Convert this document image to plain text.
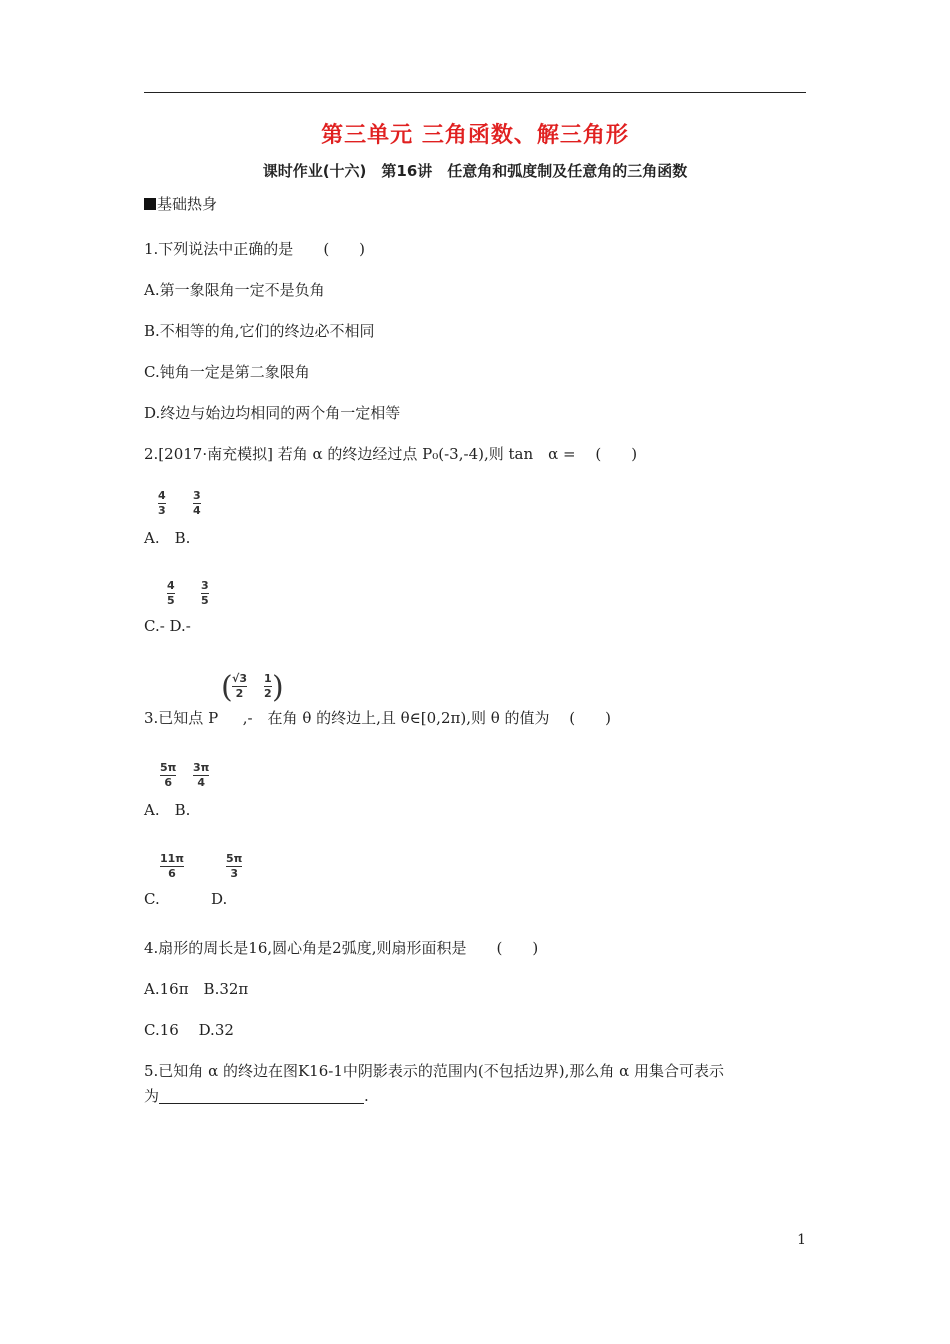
第三单元 三角函数、解三角形
课时作业(十六)　第16讲　任意角和弧度制及任意角的三角函数
基础热身
1.下列说法中正确的是　　(　　)
A.第一象限角一定不是负角
B.不相等的角,它们的终边必不相同
C.钝角一定是第二象限角
D.终边与始边均相同的两个角一定相等
2.[2017·南充模拟] 若角 α 的终边经过点 P₀(-3,-4),则 tan　α =　 (　　)
4
3
3
4
A.　B.
4
5
3
5
C.- D.-
( √3
2
1
2 )
3.已知点 P 　 ,-　在角 θ 的终边上,且 θ∈[0,2π),则 θ 的值为　 (　　)
5π
6
3π
4
A.　B.
11π
6
5π
3
C.	D.
4.扇形的周长是16,圆心角是2弧度,则扇形面积是　　(　　)
A.16π　B.32π
C.16　 D.32
5.已知角 α 的终边在图K16-1中阴影表示的范围内(不包括边界),那么角 α 用集合可表示
为	.
1
